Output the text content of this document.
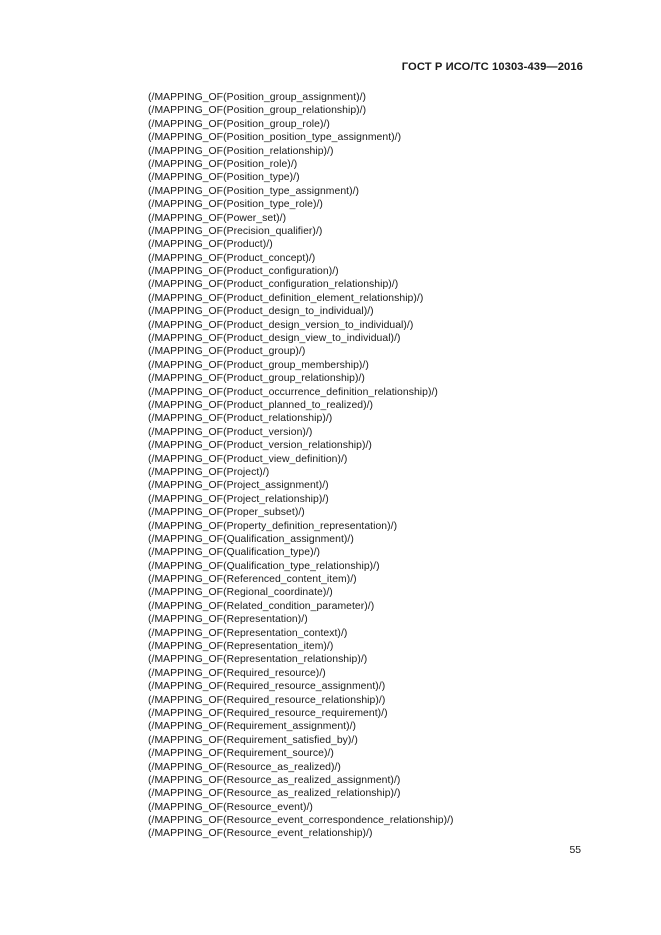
ГОСТ Р ИСО/ТС 10303-439—2016
(/MAPPING_OF(Position_group_assignment)/)
(/MAPPING_OF(Position_group_relationship)/)
(/MAPPING_OF(Position_group_role)/)
(/MAPPING_OF(Position_position_type_assignment)/)
(/MAPPING_OF(Position_relationship)/)
(/MAPPING_OF(Position_role)/)
(/MAPPING_OF(Position_type)/)
(/MAPPING_OF(Position_type_assignment)/)
(/MAPPING_OF(Position_type_role)/)
(/MAPPING_OF(Power_set)/)
(/MAPPING_OF(Precision_qualifier)/)
(/MAPPING_OF(Product)/)
(/MAPPING_OF(Product_concept)/)
(/MAPPING_OF(Product_configuration)/)
(/MAPPING_OF(Product_configuration_relationship)/)
(/MAPPING_OF(Product_definition_element_relationship)/)
(/MAPPING_OF(Product_design_to_individual)/)
(/MAPPING_OF(Product_design_version_to_individual)/)
(/MAPPING_OF(Product_design_view_to_individual)/)
(/MAPPING_OF(Product_group)/)
(/MAPPING_OF(Product_group_membership)/)
(/MAPPING_OF(Product_group_relationship)/)
(/MAPPING_OF(Product_occurrence_definition_relationship)/)
(/MAPPING_OF(Product_planned_to_realized)/)
(/MAPPING_OF(Product_relationship)/)
(/MAPPING_OF(Product_version)/)
(/MAPPING_OF(Product_version_relationship)/)
(/MAPPING_OF(Product_view_definition)/)
(/MAPPING_OF(Project)/)
(/MAPPING_OF(Project_assignment)/)
(/MAPPING_OF(Project_relationship)/)
(/MAPPING_OF(Proper_subset)/)
(/MAPPING_OF(Property_definition_representation)/)
(/MAPPING_OF(Qualification_assignment)/)
(/MAPPING_OF(Qualification_type)/)
(/MAPPING_OF(Qualification_type_relationship)/)
(/MAPPING_OF(Referenced_content_item)/)
(/MAPPING_OF(Regional_coordinate)/)
(/MAPPING_OF(Related_condition_parameter)/)
(/MAPPING_OF(Representation)/)
(/MAPPING_OF(Representation_context)/)
(/MAPPING_OF(Representation_item)/)
(/MAPPING_OF(Representation_relationship)/)
(/MAPPING_OF(Required_resource)/)
(/MAPPING_OF(Required_resource_assignment)/)
(/MAPPING_OF(Required_resource_relationship)/)
(/MAPPING_OF(Required_resource_requirement)/)
(/MAPPING_OF(Requirement_assignment)/)
(/MAPPING_OF(Requirement_satisfied_by)/)
(/MAPPING_OF(Requirement_source)/)
(/MAPPING_OF(Resource_as_realized)/)
(/MAPPING_OF(Resource_as_realized_assignment)/)
(/MAPPING_OF(Resource_as_realized_relationship)/)
(/MAPPING_OF(Resource_event)/)
(/MAPPING_OF(Resource_event_correspondence_relationship)/)
(/MAPPING_OF(Resource_event_relationship)/)
55
